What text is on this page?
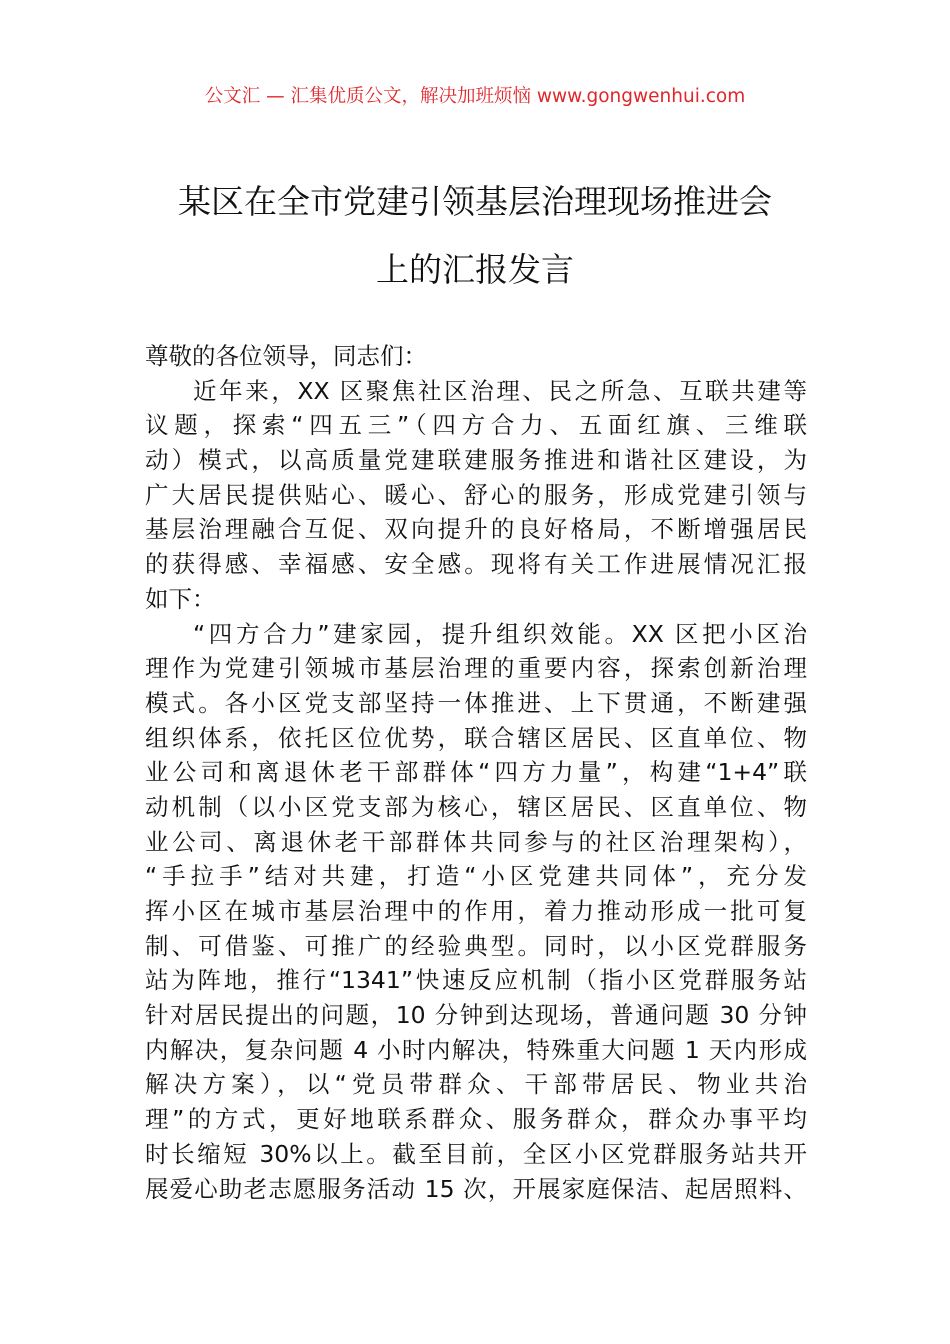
公文汇 — 汇集优质公文，解决加班烦恼 www.gongwenhui.com
某区在全市党建引领基层治理现场推进会
上的汇报发言
尊敬的各位领导，同志们：
近年来，XX 区聚焦社区治理、民之所急、互联共建等
议题，探索“四五三”（四方合力、五面红旗、三维联
动）模式，以高质量党建联建服务推进和谐社区建设，为
广大居民提供贴心、暖心、舒心的服务，形成党建引领与
基层治理融合互促、双向提升的良好格局，不断增强居民
的获得感、幸福感、安全感。现将有关工作进展情况汇报
如下：
“四方合力”建家园，提升组织效能。XX 区把小区治
理作为党建引领城市基层治理的重要内容，探索创新治理
模式。各小区党支部坚持一体推进、上下贯通，不断建强
组织体系，依托区位优势，联合辖区居民、区直单位、物
业公司和离退休老干部群体“四方力量”，构建“1+4”联
动机制（以小区党支部为核心，辖区居民、区直单位、物
业公司、离退休老干部群体共同参与的社区治理架构），
“手拉手”结对共建，打造“小区党建共同体”，充分发
挥小区在城市基层治理中的作用，着力推动形成一批可复
制、可借鉴、可推广的经验典型。同时，以小区党群服务
站为阵地，推行“1341”快速反应机制（指小区党群服务站
针对居民提出的问题，10 分钟到达现场，普通问题 30 分钟
内解决，复杂问题 4 小时内解决，特殊重大问题 1 天内形成
解决方案），以“党员带群众、干部带居民、物业共治
理”的方式，更好地联系群众、服务群众，群众办事平均
时长缩短 30%以上。截至目前，全区小区党群服务站共开
展爱心助老志愿服务活动 15 次，开展家庭保洁、起居照料、
